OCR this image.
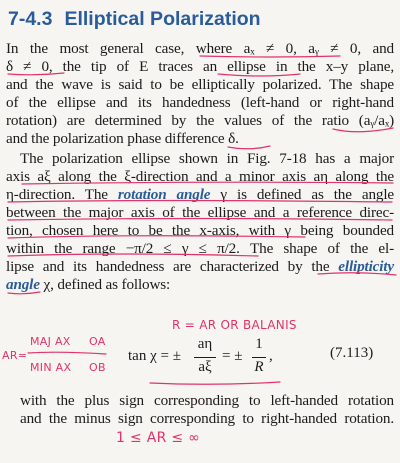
7-4.3 Elliptical Polarization
In the most general case, where aₓ ≠ 0, aᵧ ≠ 0, and
δ ≠ 0, the tip of E traces an ellipse in the x–y plane,
and the wave is said to be elliptically polarized. The shape
of the ellipse and its handedness (left-hand or right-hand
rotation) are determined by the values of the ratio (aᵧ/aₓ)
and the polarization phase difference δ.
The polarization ellipse shown in Fig. 7-18 has a major
axis aξ along the ξ-direction and a minor axis aη along the
η-direction. The rotation angle γ is defined as the angle
between the major axis of the ellipse and a reference direc-
tion, chosen here to be the x-axis, with γ being bounded
within the range −π/2 ≤ γ ≤ π/2. The shape of the el-
lipse and its handedness are characterized by the ellipticity
angle χ, defined as follows:
tan χ = ±
aη
aξ
= ±
1
R
,	(7.113)
with the plus sign corresponding to left-handed rotation
and the minus sign corresponding to right-handed rotation.
R = AR OR BALANIS
AR=
MAJ AX OA
MIN AX OB
1 ≤ AR ≤ ∞
